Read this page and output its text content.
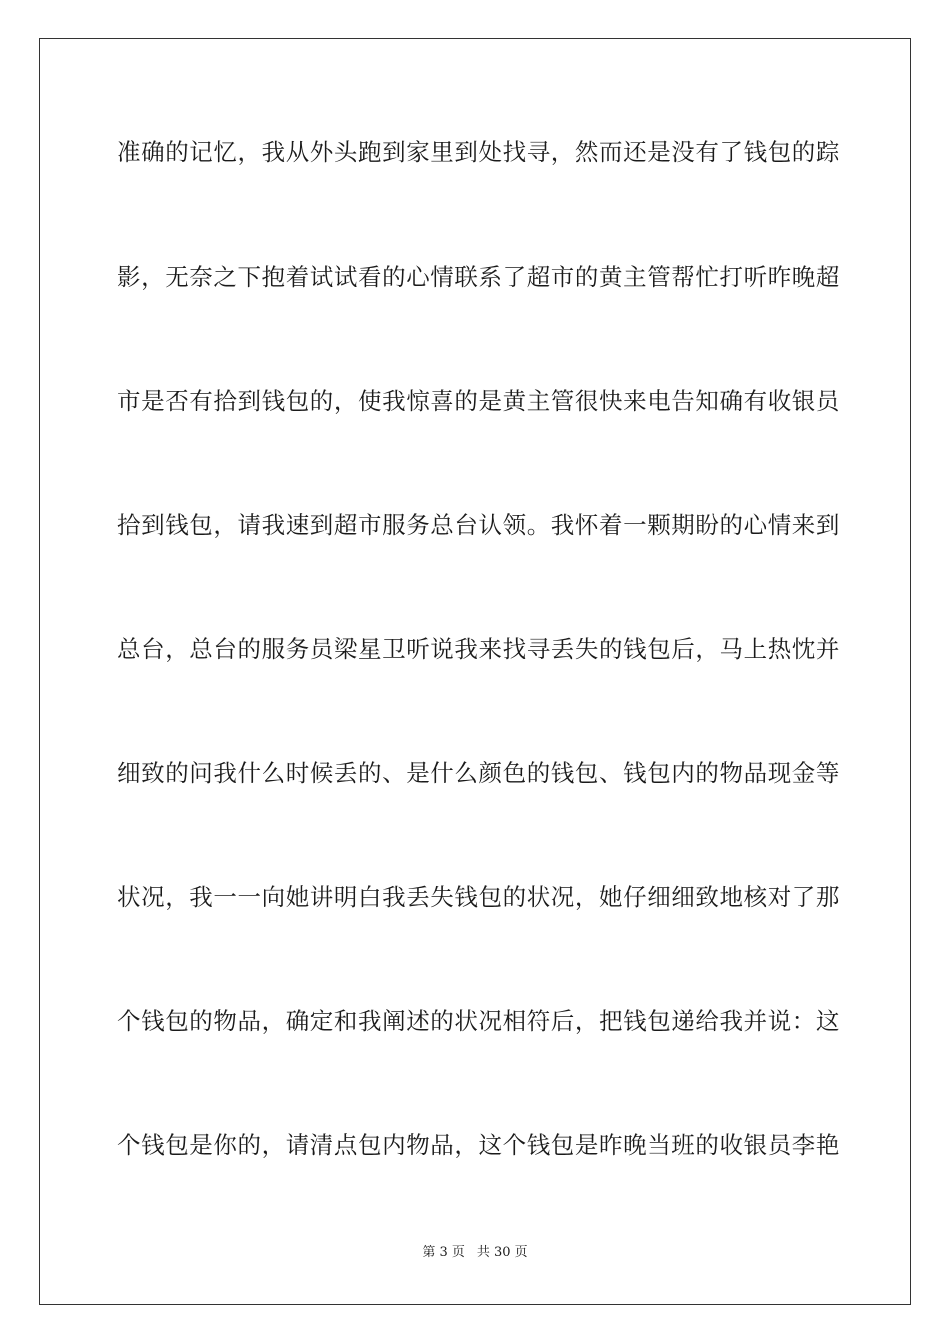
准确的记忆，我从外头跑到家里到处找寻，然而还是没有了钱包的踪
影，无奈之下抱着试试看的心情联系了超市的黄主管帮忙打听昨晚超
市是否有拾到钱包的，使我惊喜的是黄主管很快来电告知确有收银员
拾到钱包，请我速到超市服务总台认领。我怀着一颗期盼的心情来到
总台，总台的服务员梁星卫听说我来找寻丢失的钱包后，马上热忱并
细致的问我什么时候丢的、是什么颜色的钱包、钱包内的物品现金等
状况，我一一向她讲明白我丢失钱包的状况，她仔细细致地核对了那
个钱包的物品，确定和我阐述的状况相符后，把钱包递给我并说：这
个钱包是你的，请清点包内物品，这个钱包是昨晚当班的收银员李艳
第 3 页 共 30 页
